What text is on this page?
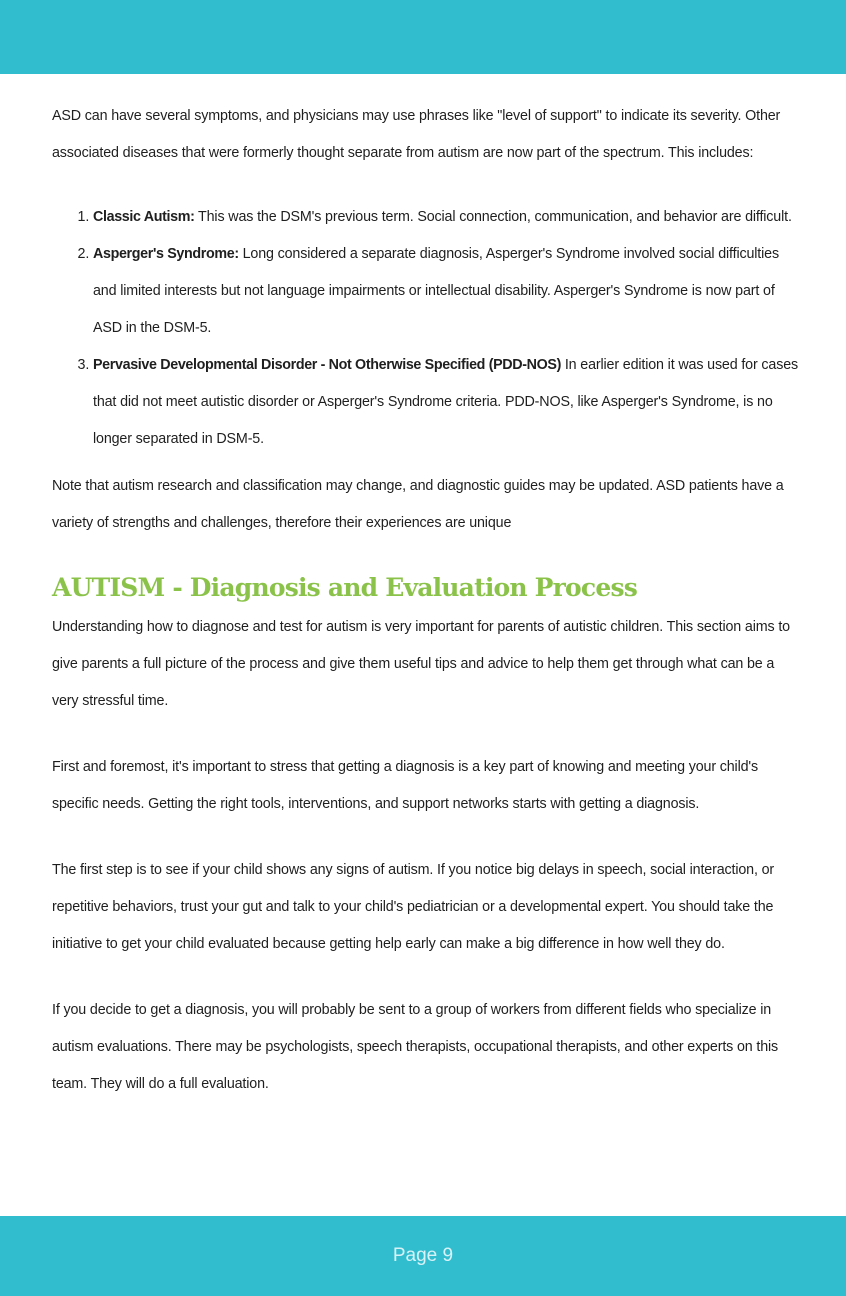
ASD can have several symptoms, and physicians may use phrases like "level of support" to indicate its severity. Other associated diseases that were formerly thought separate from autism are now part of the spectrum. This includes:

1. Classic Autism: This was the DSM's previous term. Social connection, communication, and behavior are difficult.
2. Asperger's Syndrome: Long considered a separate diagnosis, Asperger's Syndrome involved social difficulties and limited interests but not language impairments or intellectual disability. Asperger's Syndrome is now part of ASD in the DSM-5.
3. Pervasive Developmental Disorder - Not Otherwise Specified (PDD-NOS) In earlier edition it was used for cases that did not meet autistic disorder or Asperger's Syndrome criteria. PDD-NOS, like Asperger's Syndrome, is no longer separated in DSM-5.

Note that autism research and classification may change, and diagnostic guides may be updated. ASD patients have a variety of strengths and challenges, therefore their experiences are unique

AUTISM - Diagnosis and Evaluation Process

Understanding how to diagnose and test for autism is very important for parents of autistic children. This section aims to give parents a full picture of the process and give them useful tips and advice to help them get through what can be a very stressful time.

First and foremost, it's important to stress that getting a diagnosis is a key part of knowing and meeting your child's specific needs. Getting the right tools, interventions, and support networks starts with getting a diagnosis.

The first step is to see if your child shows any signs of autism. If you notice big delays in speech, social interaction, or repetitive behaviors, trust your gut and talk to your child's pediatrician or a developmental expert. You should take the initiative to get your child evaluated because getting help early can make a big difference in how well they do.

If you decide to get a diagnosis, you will probably be sent to a group of workers from different fields who specialize in autism evaluations. There may be psychologists, speech therapists, occupational therapists, and other experts on this team. They will do a full evaluation.

Page 9
